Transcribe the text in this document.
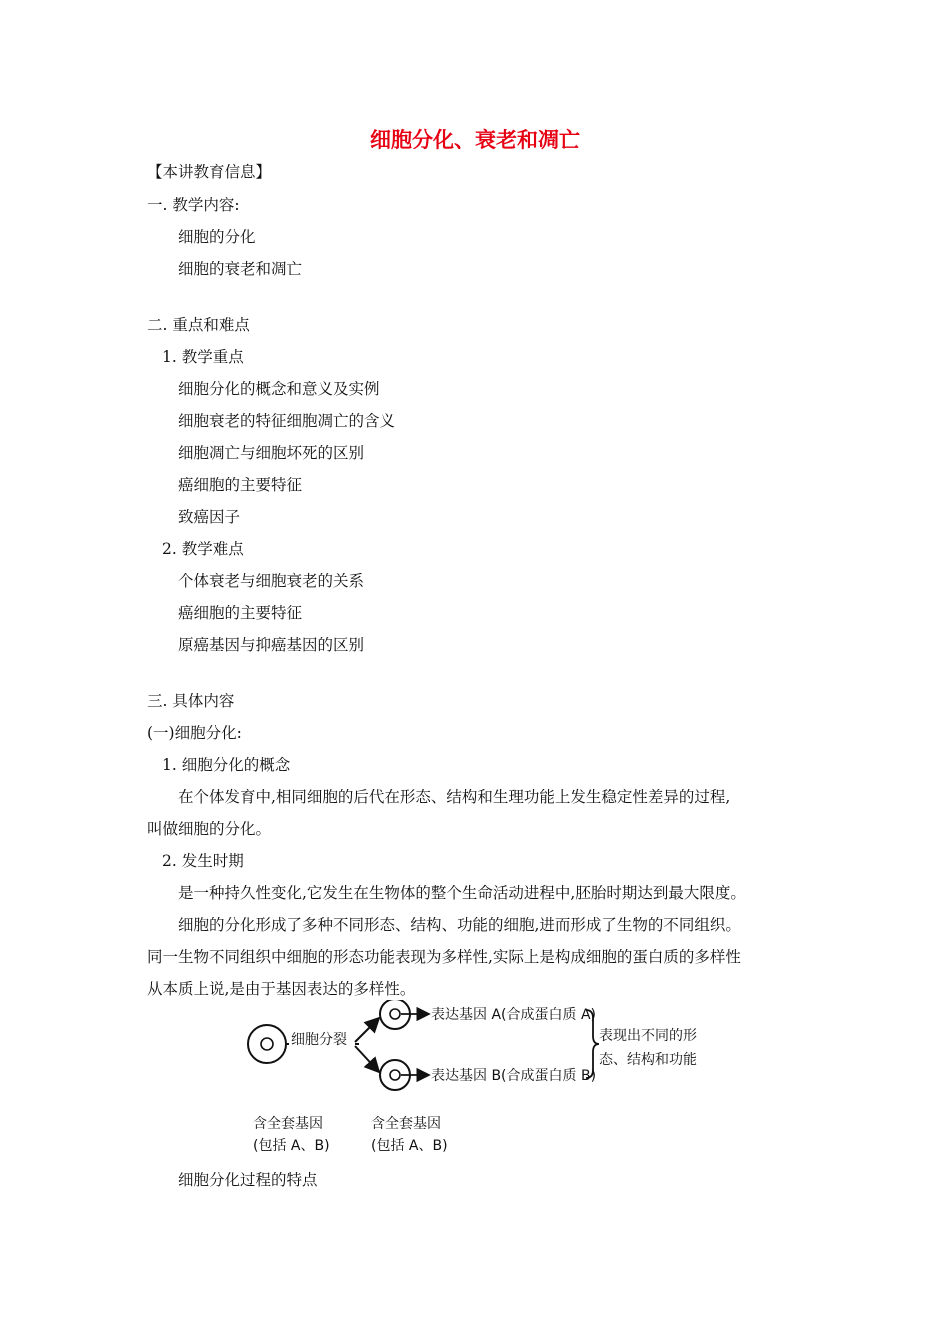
细胞分化、衰老和凋亡
【本讲教育信息】
一. 教学内容:
细胞的分化
细胞的衰老和凋亡
二. 重点和难点
1. 教学重点
细胞分化的概念和意义及实例
细胞衰老的特征细胞凋亡的含义
细胞凋亡与细胞坏死的区别
癌细胞的主要特征
致癌因子
2. 教学难点
个体衰老与细胞衰老的关系
癌细胞的主要特征
原癌基因与抑癌基因的区别
三. 具体内容
(一)细胞分化:
1. 细胞分化的概念
在个体发育中,相同细胞的后代在形态、结构和生理功能上发生稳定性差异的过程,
叫做细胞的分化。
2. 发生时期
是一种持久性变化,它发生在生物体的整个生命活动进程中,胚胎时期达到最大限度。
细胞的分化形成了多种不同形态、结构、功能的细胞,进而形成了生物的不同组织。
同一生物不同组织中细胞的形态功能表现为多样性,实际上是构成细胞的蛋白质的多样性
从本质上说,是由于基因表达的多样性。
细胞分裂
表达基因 A(合成蛋白质 A)
表达基因 B(合成蛋白质 B)
表现出不同的形
态、结构和功能
含全套基因
(包括 A、B)
含全套基因
(包括 A、B)
细胞分化过程的特点
